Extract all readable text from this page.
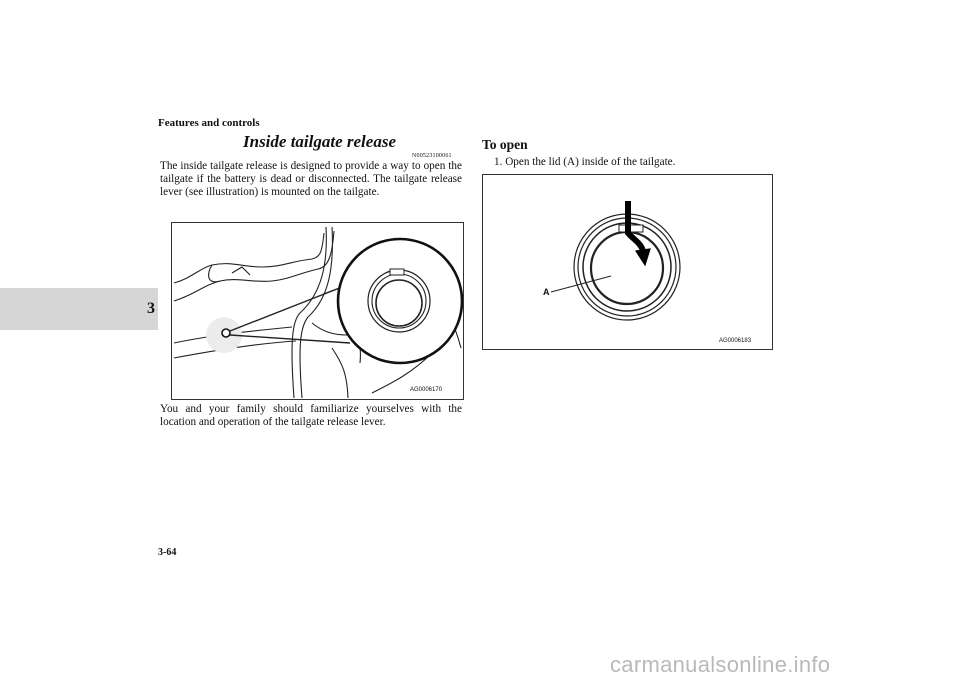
Features and controls
3
Inside tailgate release
N00523100061
The inside tailgate release is designed to provide a way to open the tailgate if the battery is dead or disconnected. The tailgate release lever (see illustration) is mounted on the tailgate.
AG0006170
You and your family should familiarize yourselves with the location and operation of the tailgate release lever.
To open
1. Open the lid (A) inside of the tailgate.
A
AG0006183
3-64
carmanualsonline.info
